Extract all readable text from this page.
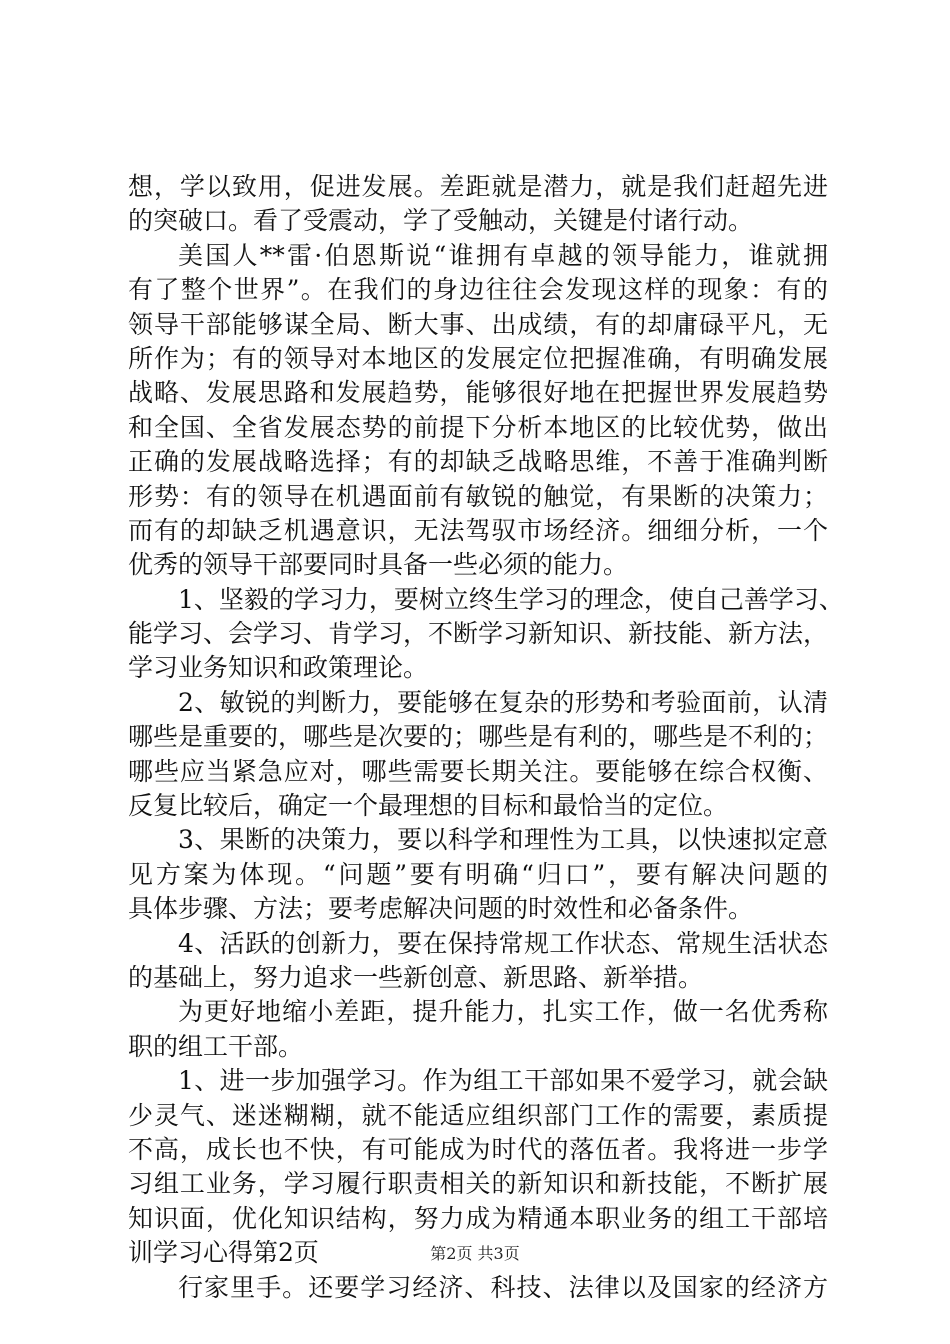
想，学以致用，促进发展。差距就是潜力，就是我们赶超先进
的突破口。看了受震动，学了受触动，关键是付诸行动。
美国人**雷·伯恩斯说“谁拥有卓越的领导能力，谁就拥
有了整个世界”。在我们的身边往往会发现这样的现象：有的
领导干部能够谋全局、断大事、出成绩，有的却庸碌平凡，无
所作为；有的领导对本地区的发展定位把握准确，有明确发展
战略、发展思路和发展趋势，能够很好地在把握世界发展趋势
和全国、全省发展态势的前提下分析本地区的比较优势，做出
正确的发展战略选择；有的却缺乏战略思维，不善于准确判断
形势：有的领导在机遇面前有敏锐的触觉，有果断的决策力；
而有的却缺乏机遇意识，无法驾驭市场经济。细细分析，一个
优秀的领导干部要同时具备一些必须的能力。
1、坚毅的学习力，要树立终生学习的理念，使自己善学习、
能学习、会学习、肯学习，不断学习新知识、新技能、新方法，
学习业务知识和政策理论。
2、敏锐的判断力，要能够在复杂的形势和考验面前，认清
哪些是重要的，哪些是次要的；哪些是有利的，哪些是不利的；
哪些应当紧急应对，哪些需要长期关注。要能够在综合权衡、
反复比较后，确定一个最理想的目标和最恰当的定位。
3、果断的决策力，要以科学和理性为工具，以快速拟定意
见方案为体现。“问题”要有明确“归口”，要有解决问题的
具体步骤、方法；要考虑解决问题的时效性和必备条件。
4、活跃的创新力，要在保持常规工作状态、常规生活状态
的基础上，努力追求一些新创意、新思路、新举措。
为更好地缩小差距，提升能力，扎实工作，做一名优秀称
职的组工干部。
1、进一步加强学习。作为组工干部如果不爱学习，就会缺
少灵气、迷迷糊糊，就不能适应组织部门工作的需要，素质提
不高，成长也不快，有可能成为时代的落伍者。我将进一步学
习组工业务，学习履行职责相关的新知识和新技能，不断扩展
知识面，优化知识结构，努力成为精通本职业务的组工干部培
训学习心得第2页
行家里手。还要学习经济、科技、法律以及国家的经济方
第2页 共3页
